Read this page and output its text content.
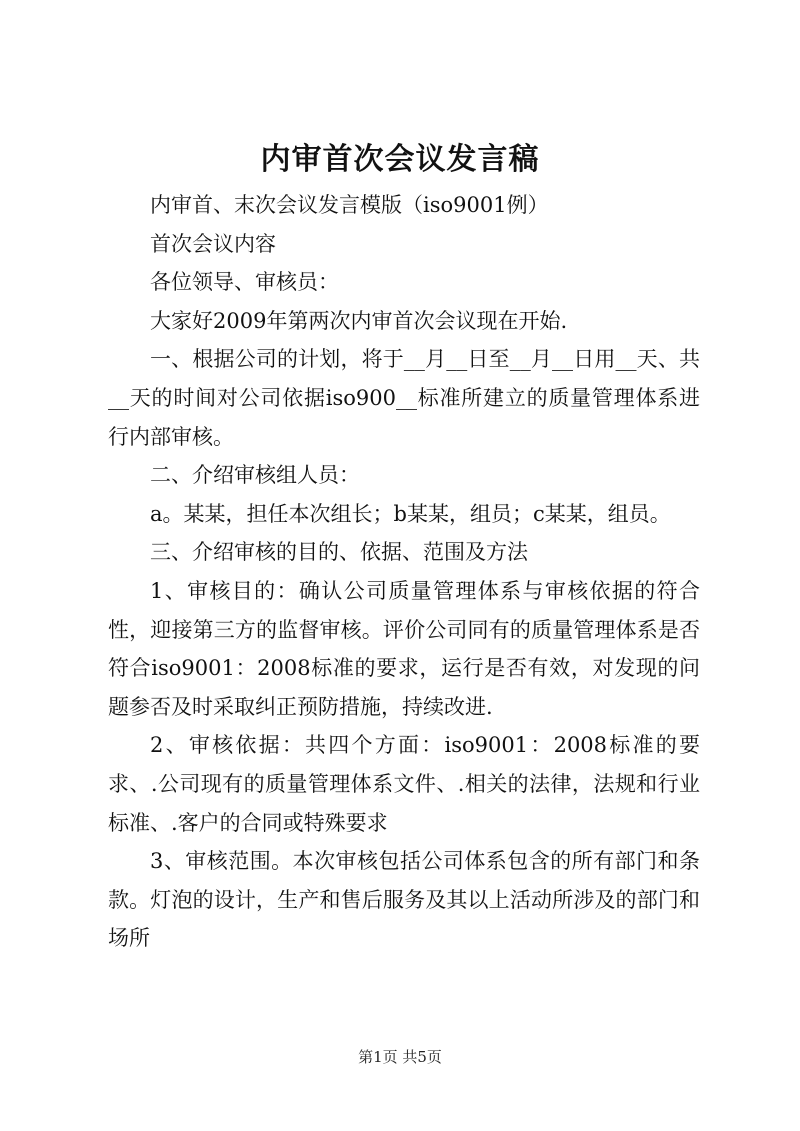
内审首次会议发言稿

内审首、末次会议发言模版（iso9001例）

首次会议内容

各位领导、审核员：

大家好2009年第两次内审首次会议现在开始.

一、根据公司的计划，将于__月__日至__月__日用__天、共__天的时间对公司依据iso900__标准所建立的质量管理体系进行内部审核。

二、介绍审核组人员：

a。某某，担任本次组长；b某某，组员；c某某，组员。

三、介绍审核的目的、依据、范围及方法

1、审核目的：确认公司质量管理体系与审核依据的符合性，迎接第三方的监督审核。评价公司同有的质量管理体系是否符合iso9001：2008标准的要求，运行是否有效，对发现的问题参否及时采取纠正预防措施，持续改进.

2、审核依据：共四个方面：iso9001：2008标准的要求、.公司现有的质量管理体系文件、.相关的法律，法规和行业标准、.客户的合同或特殊要求

3、审核范围。本次审核包括公司体系包含的所有部门和条款。灯泡的设计，生产和售后服务及其以上活动所涉及的部门和场所

第1页 共5页
